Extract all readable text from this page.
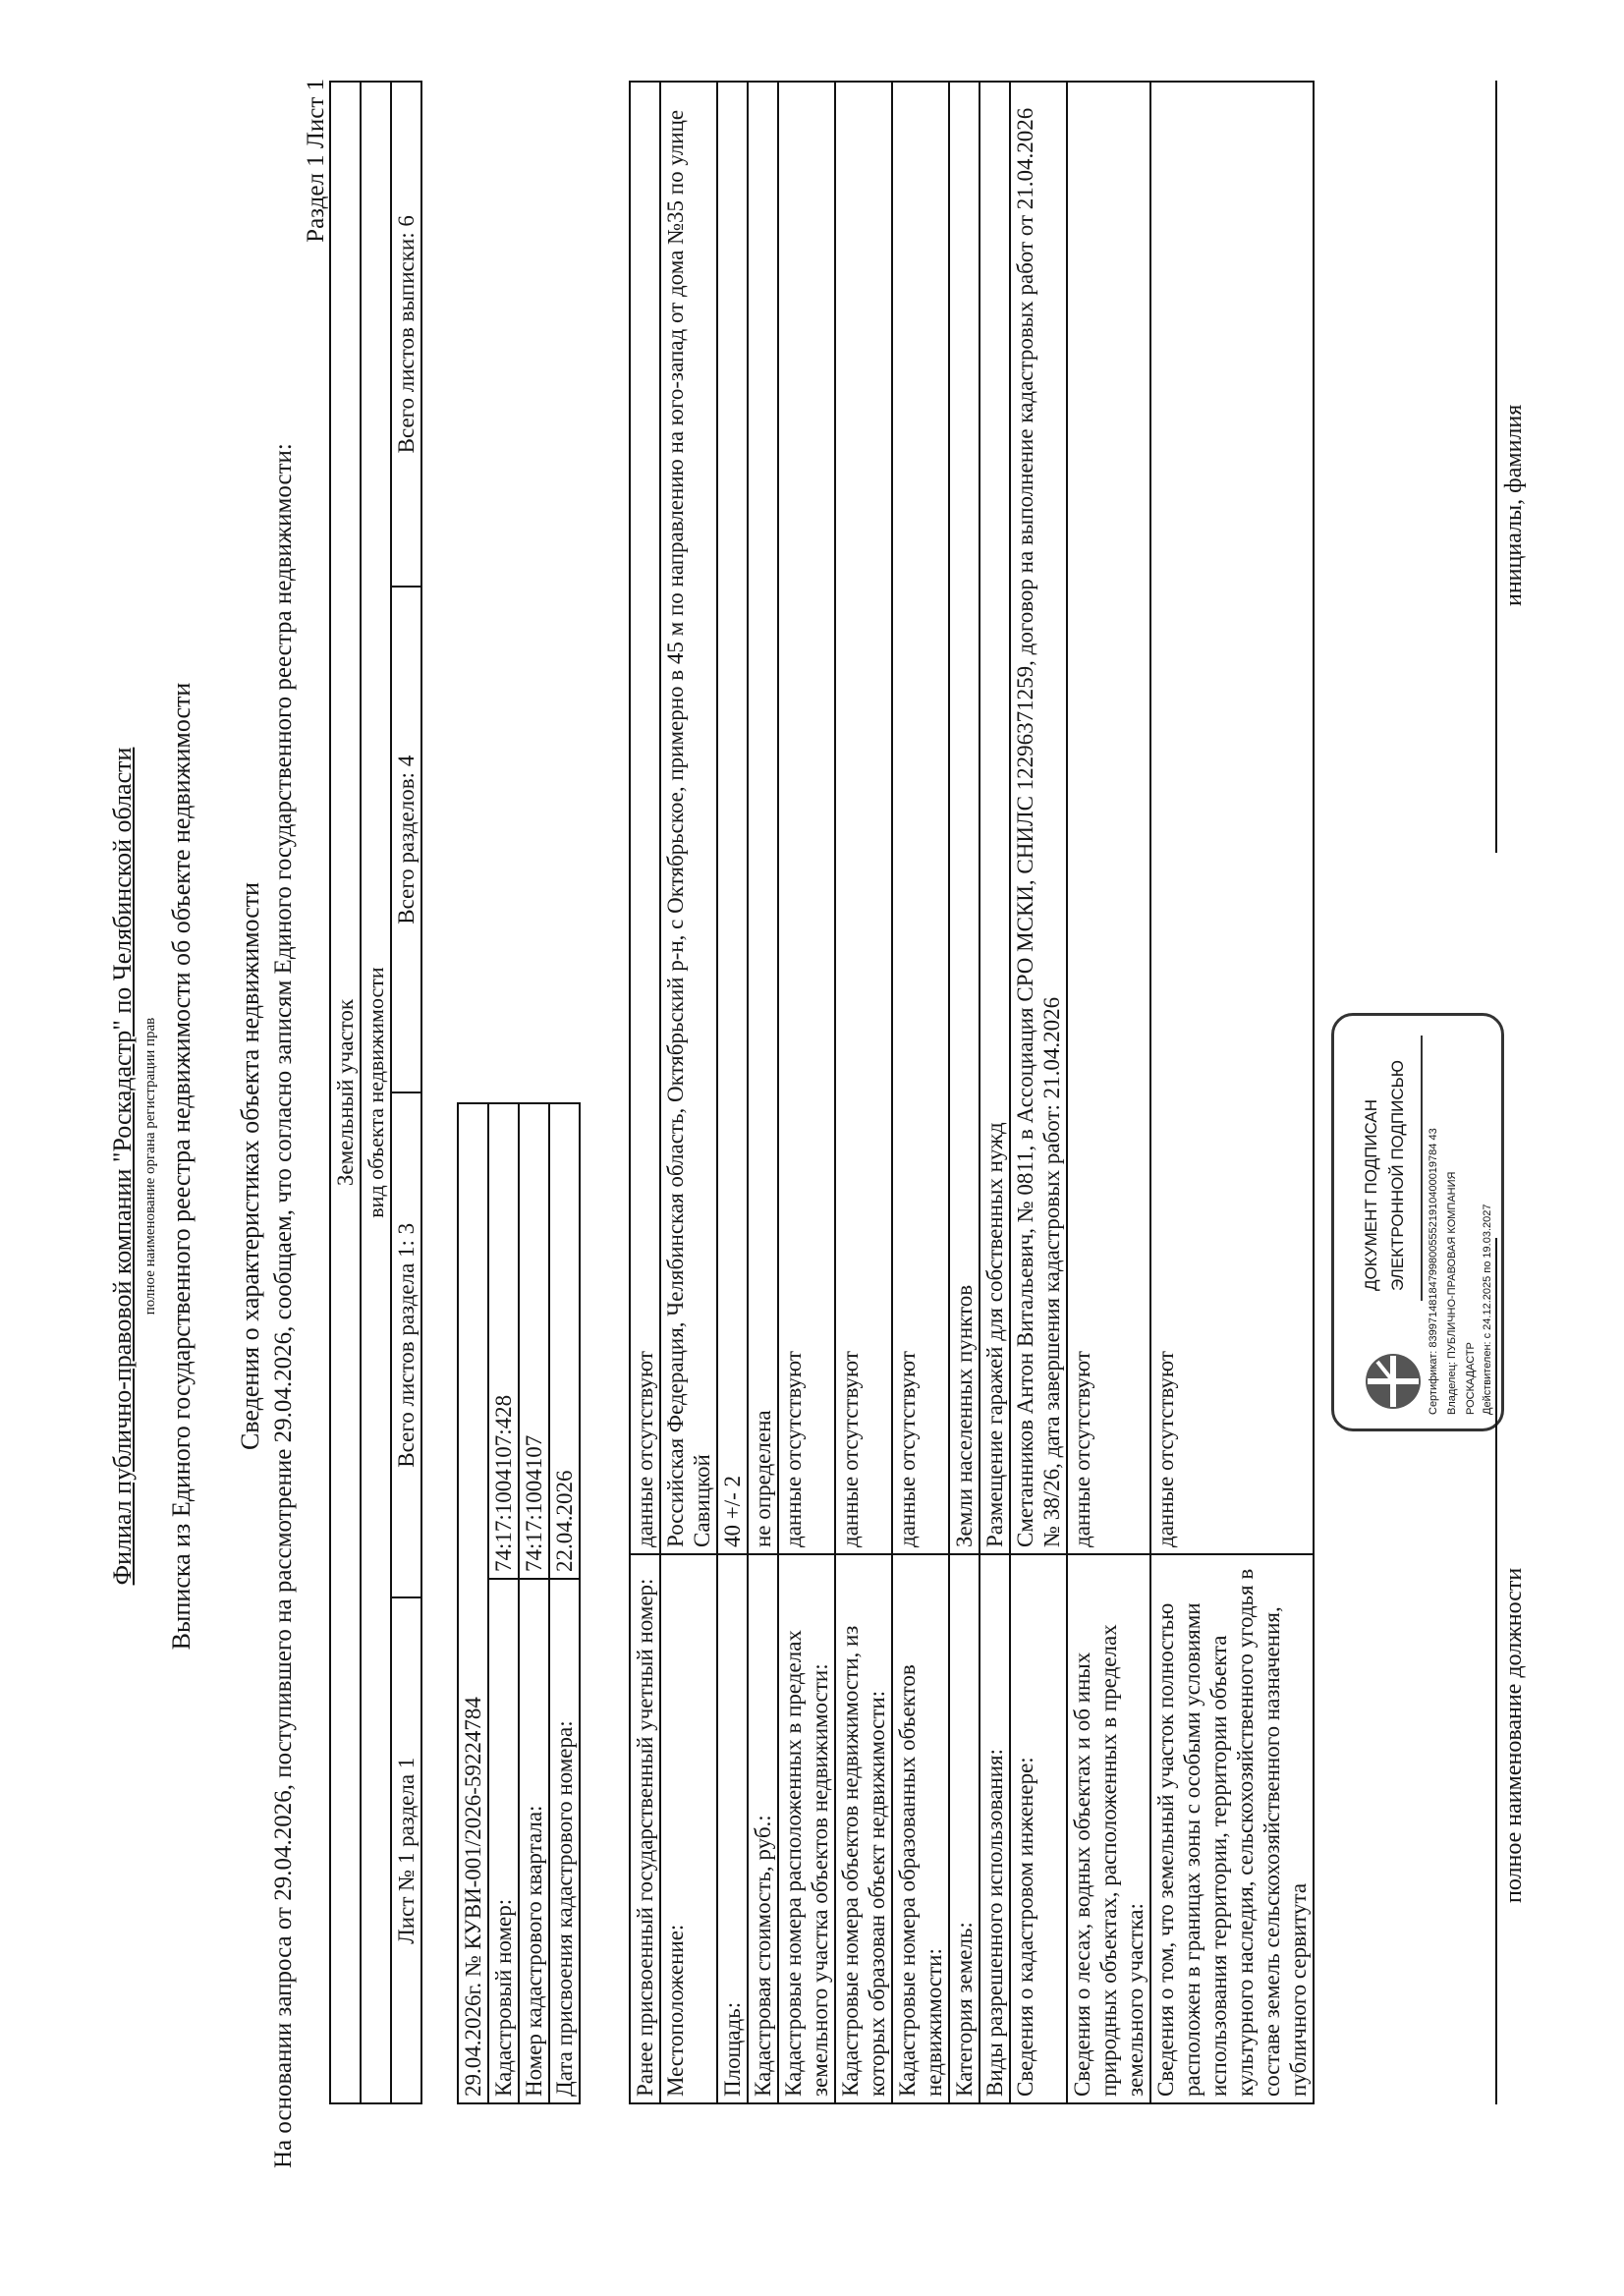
Филиал публично-правовой компании "Роскадастр" по Челябинской области полное наименование органа регистрации прав Выписка из Единого государственного реестра недвижимости об объекте недвижимости Сведения о характеристиках объекта недвижимости На основании запроса от 29.04.2026, поступившего на рассмотрение 29.04.2026, сообщаем, что согласно записям Единого государственного реестра недвижимости:
Раздел 1 Лист 1
Земельный участок
вид объекта недвижимости
Лист № 1 раздела 1	Всего листов раздела 1: 3	Всего разделов: 4	Всего листов выписки: 6
29.04.2026г. № КУВИ-001/2026-59224784	
Кадастровый номер:	74:17:1004107:428
Номер кадастрового квартала:	74:17:1004107
Дата присвоения кадастрового номера:	22.04.2026
Ранее присвоенный государственный учетный номер:	данные отсутствуют
Местоположение:	Российская Федерация, Челябинская область, Октябрьский р-н, с Октябрьское, примерно в 45 м по направлению на юго-запад от дома №35 по улице Савицкой
Площадь:	40 +/- 2
Кадастровая стоимость, руб.:	не определена
Кадастровые номера расположенных в пределах земельного участка объектов недвижимости:	данные отсутствуют
Кадастровые номера объектов недвижимости, из которых образован объект недвижимости:	данные отсутствуют
Кадастровые номера образованных объектов недвижимости:	данные отсутствуют
Категория земель:	Земли населенных пунктов
Виды разрешенного использования:	Размещение гаражей для собственных нужд
Сведения о кадастровом инженере:	Сметанников Антон Витальевич, № 0811, в Ассоциация СРО МСКИ, СНИЛС 12296371259, договор на выполнение кадастровых работ от 21.04.2026 № 38/26, дата завершения кадастровых работ: 21.04.2026
Сведения о лесах, водных объектах и об иных природных объектах, расположенных в пределах земельного участка:	данные отсутствуют
Сведения о том, что земельный участок полностью расположен в границах зоны с особыми условиями использования территории, территории объекта культурного наследия, сельскохозяйственного угодья в составе земель сельскохозяйственного назначения, публичного сервитута	данные отсутствуют
ДОКУМЕНТ ПОДПИСАН ЭЛЕКТРОННОЙ ПОДПИСЬЮ Сертификат: 8399714818479980055521910400019784 43 Владелец: ПУБЛИЧНО-ПРАВОВАЯ КОМПАНИЯ РОСКАДАСТР Действителен: с 24.12.2025 по 19.03.2027

полное наименование должности
инициалы, фамилия
